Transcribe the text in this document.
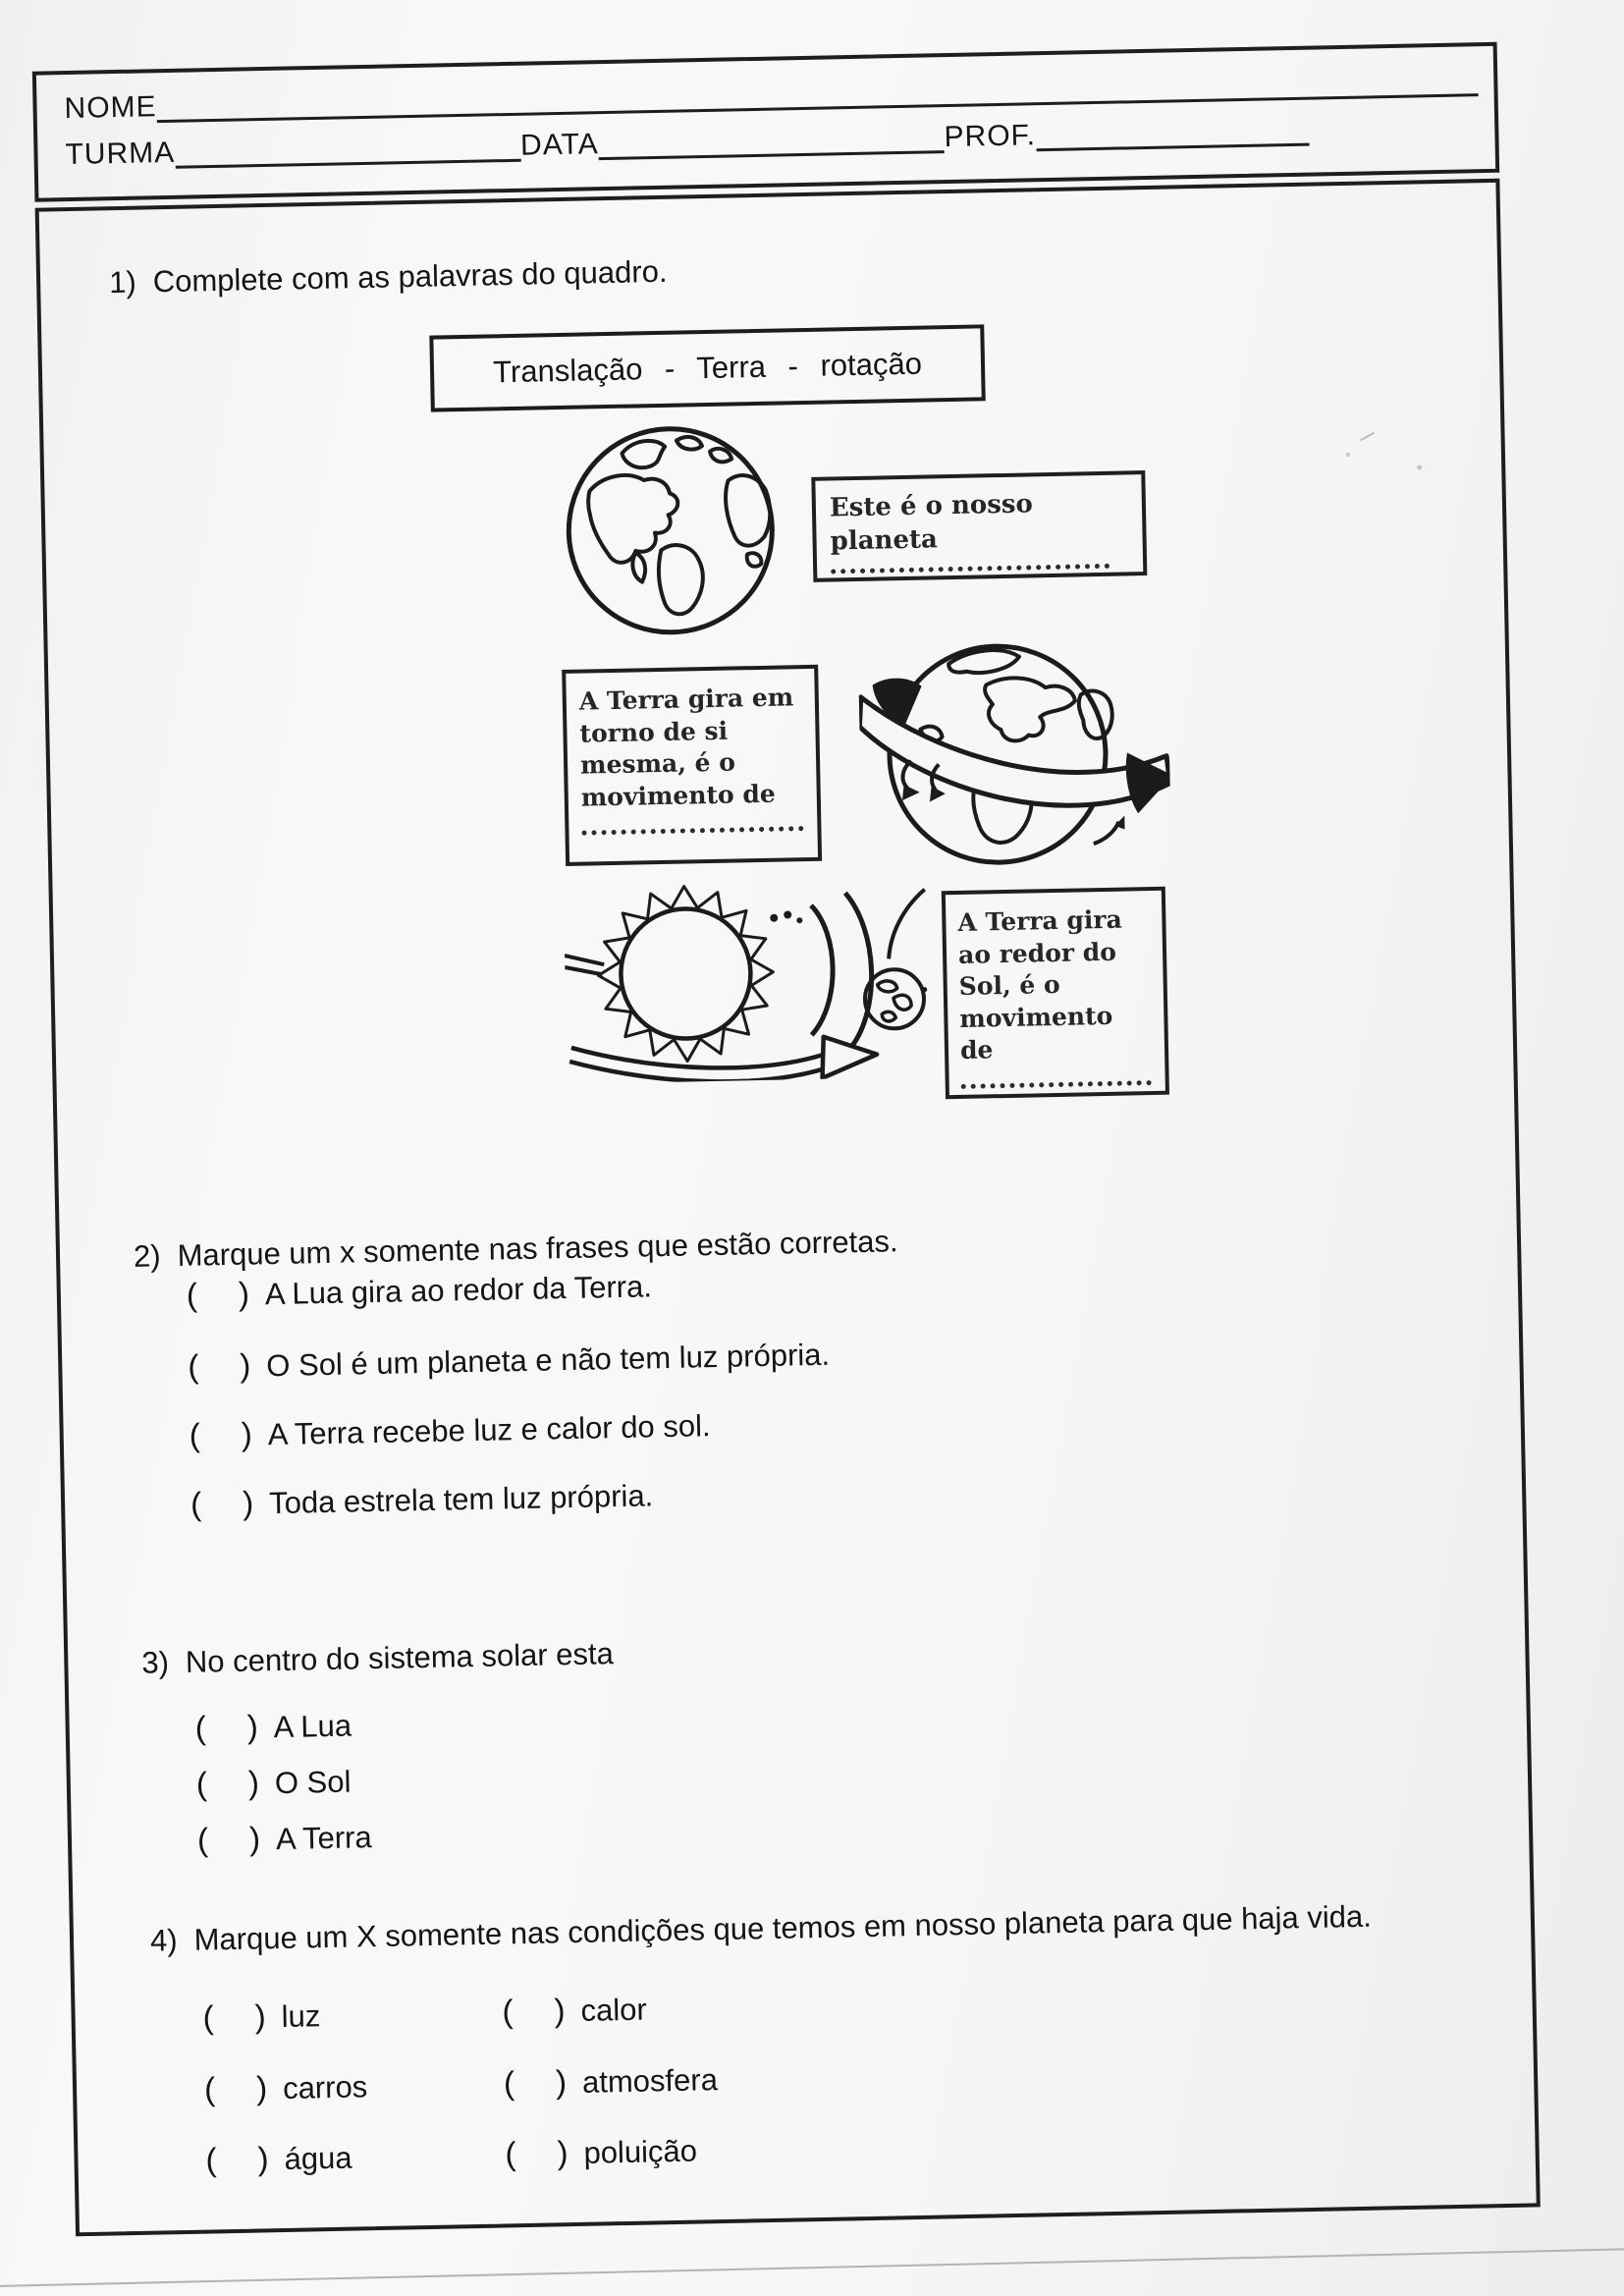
NOME
TURMA	DATA	PROF.
1) Complete com as palavras do quadro.
Translação - Terra - rotação
Este é o nosso planeta
A Terra gira em torno de si mesma, é o movimento de
A Terra gira ao redor do Sol, é o movimento de
2) Marque um x somente nas frases que estão corretas.
( ) A Lua gira ao redor da Terra.
( ) O Sol é um planeta e não tem luz própria.
( ) A Terra recebe luz e calor do sol.
( ) Toda estrela tem luz própria.
3) No centro do sistema solar esta
( ) A Lua
( ) O Sol
( ) A Terra
4) Marque um X somente nas condições que temos em nosso planeta para que haja vida.
( ) luz	( ) calor
( ) carros	( ) atmosfera
( ) água	( ) poluição
